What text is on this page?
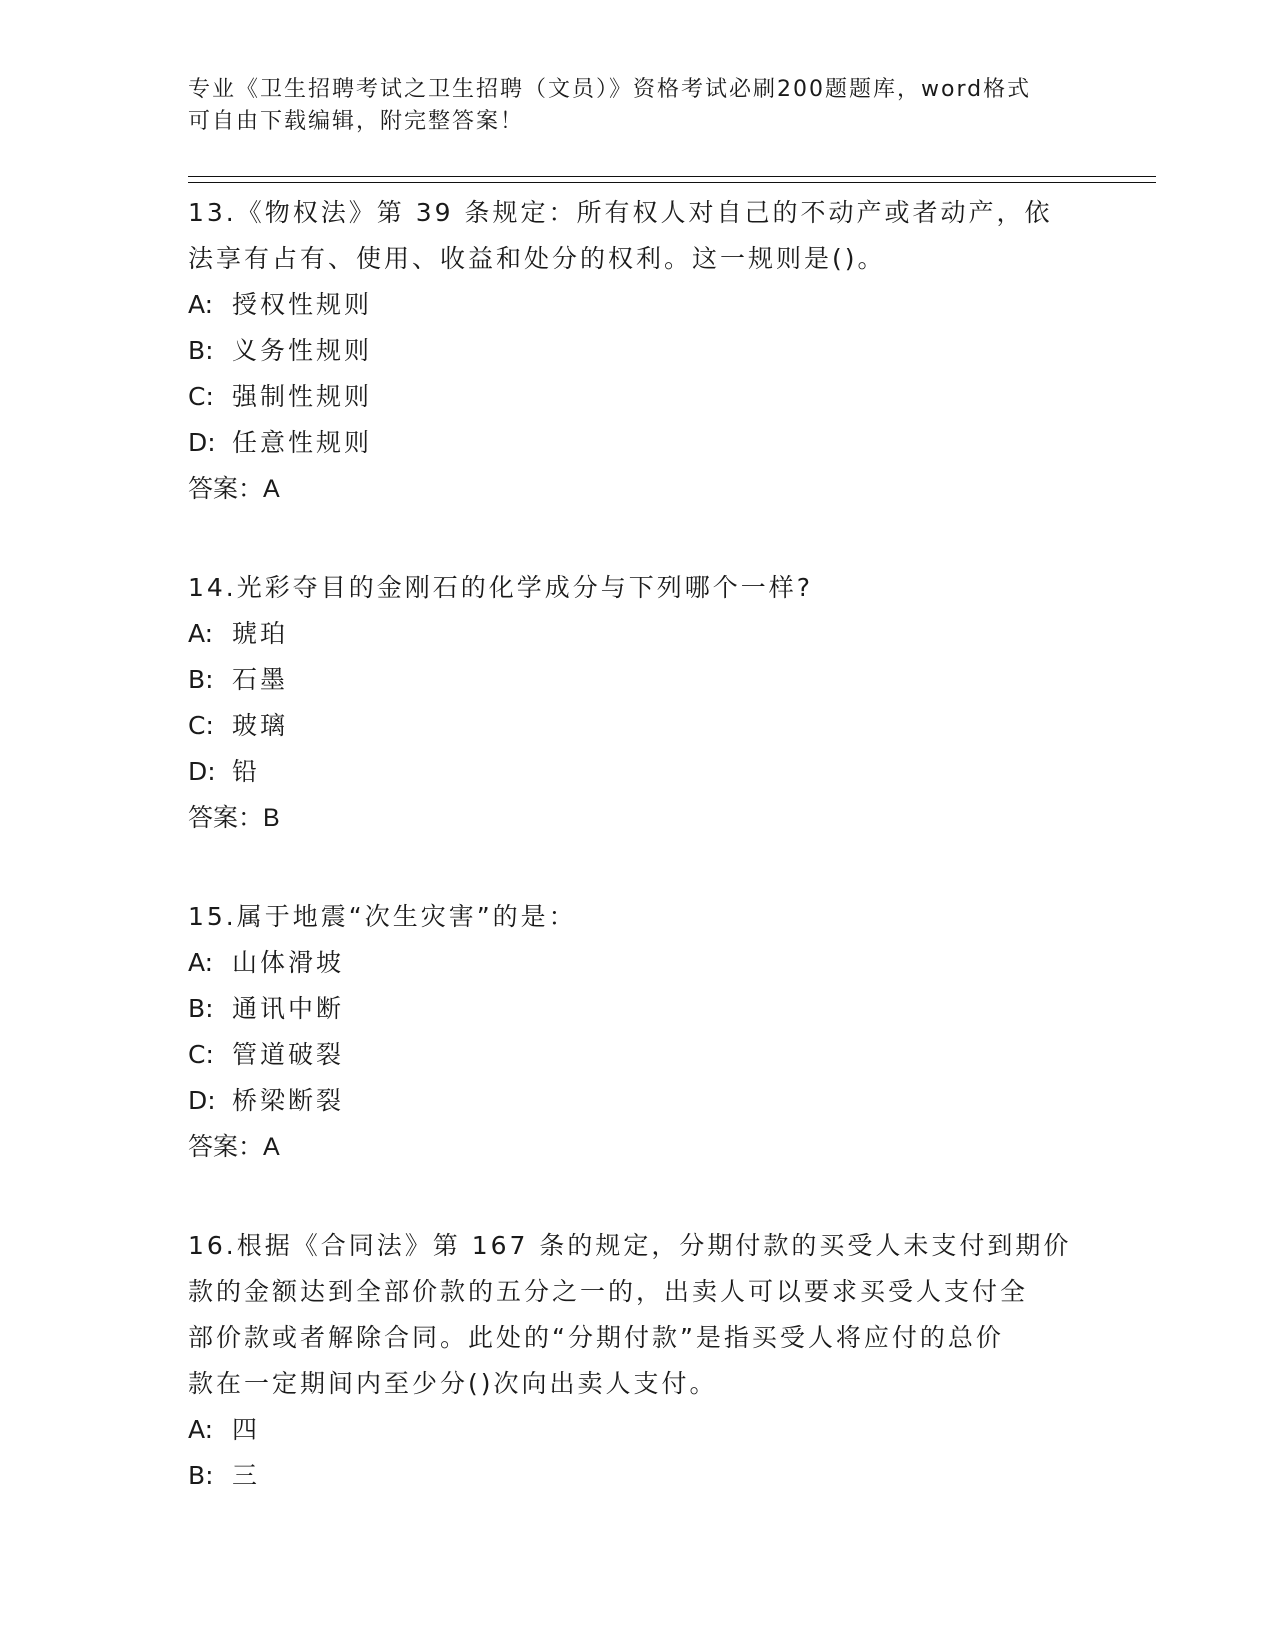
专业《卫生招聘考试之卫生招聘（文员）》资格考试必刷200题题库，word格式
可自由下载编辑，附完整答案！
13.《物权法》第 39 条规定：所有权人对自己的不动产或者动产，依
法享有占有、使用、收益和处分的权利。这一规则是()。
A: 授权性规则
B: 义务性规则
C: 强制性规则
D: 任意性规则
答案：A
14.光彩夺目的金刚石的化学成分与下列哪个一样?
A: 琥珀
B: 石墨
C: 玻璃
D: 铅
答案：B
15.属于地震“次生灾害”的是：
A: 山体滑坡
B: 通讯中断
C: 管道破裂
D: 桥梁断裂
答案：A
16.根据《合同法》第 167 条的规定，分期付款的买受人未支付到期价
款的金额达到全部价款的五分之一的，出卖人可以要求买受人支付全
部价款或者解除合同。此处的“分期付款”是指买受人将应付的总价
款在一定期间内至少分()次向出卖人支付。
A: 四
B: 三
